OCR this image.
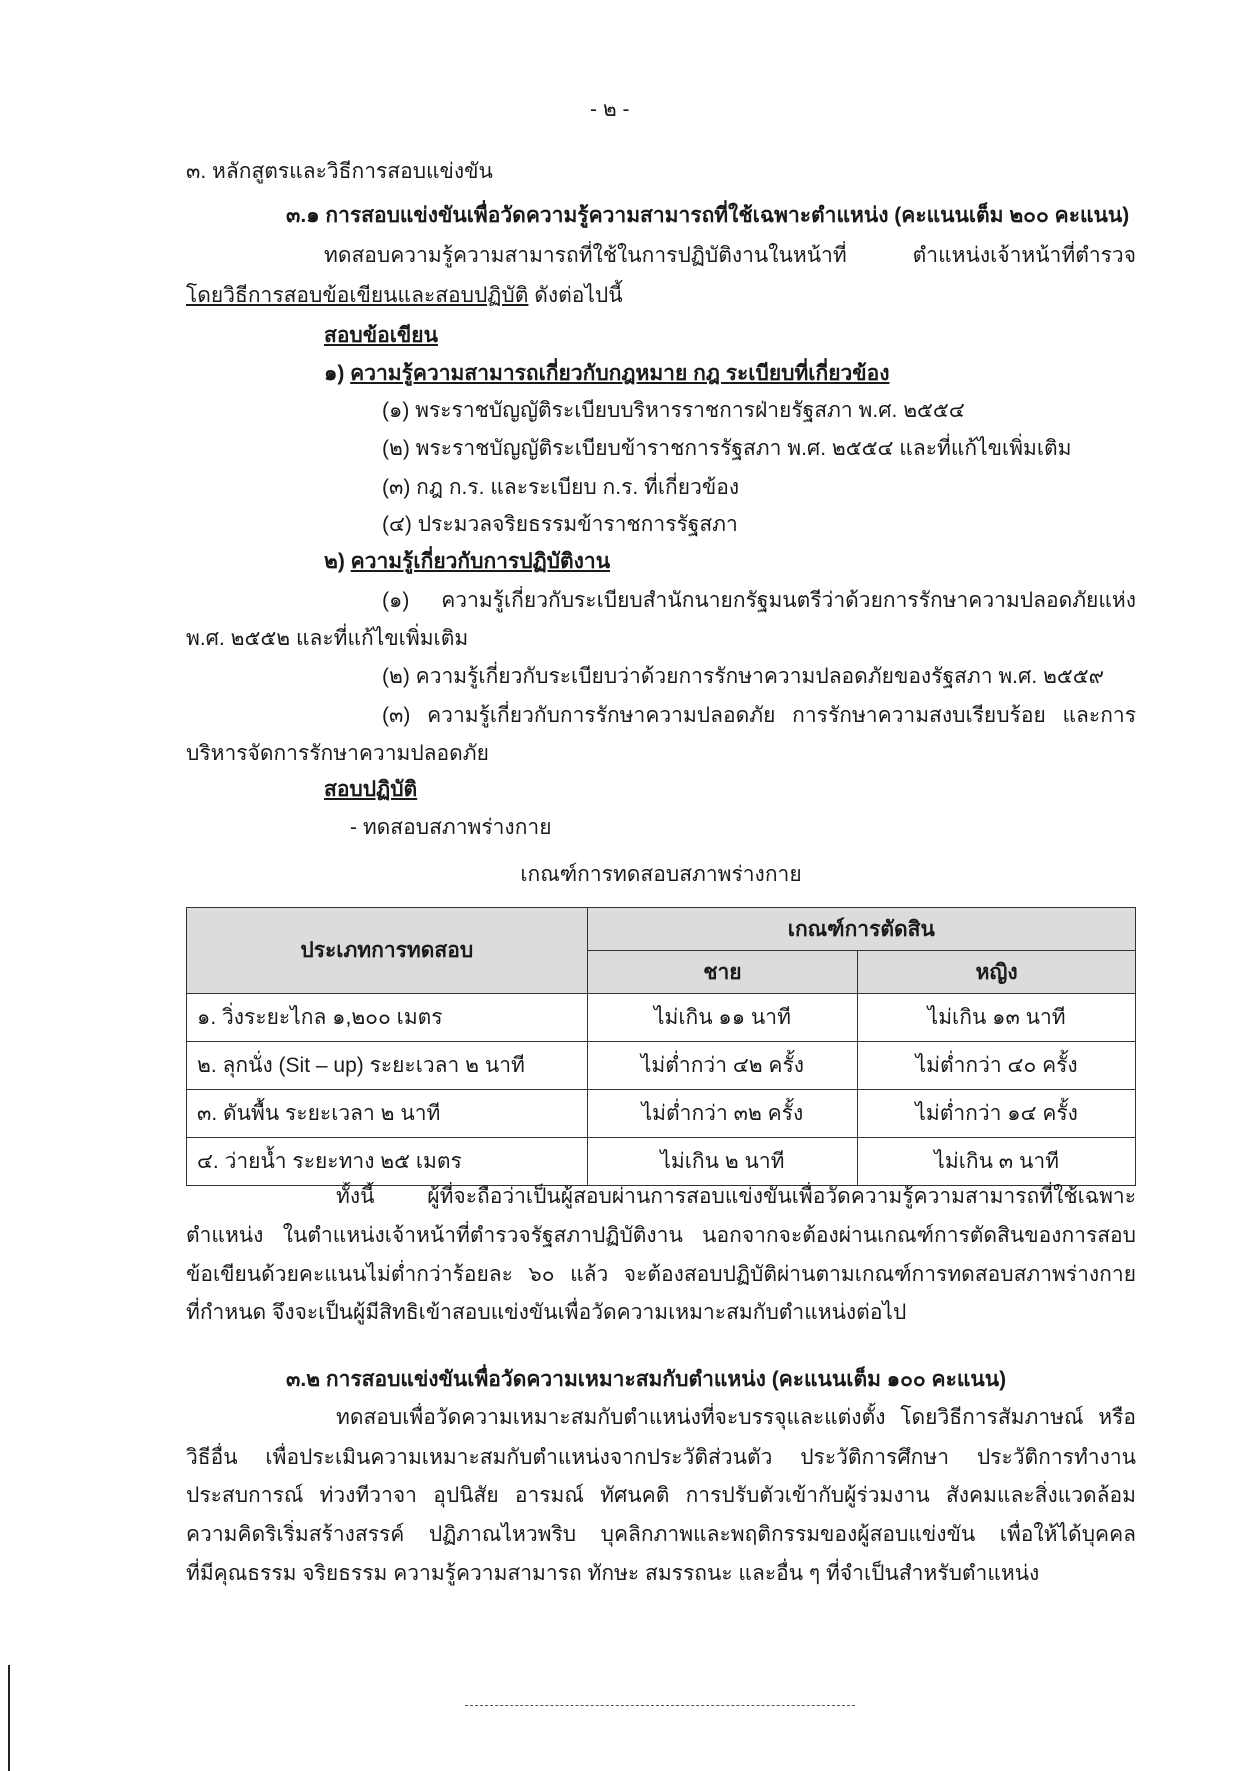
- ๒ -
๓. หลักสูตรและวิธีการสอบแข่งขัน
๓.๑ การสอบแข่งขันเพื่อวัดความรู้ความสามารถที่ใช้เฉพาะตำแหน่ง (คะแนนเต็ม ๒๐๐ คะแนน)
ทดสอบความรู้ความสามารถที่ใช้ในการปฏิบัติงานในหน้าที่ ตำแหน่งเจ้าหน้าที่ตำรวจ
โดยวิธีการสอบข้อเขียนและสอบปฏิบัติ ดังต่อไปนี้
สอบข้อเขียน
๑) ความรู้ความสามารถเกี่ยวกับกฎหมาย กฎ ระเบียบที่เกี่ยวข้อง
(๑) พระราชบัญญัติระเบียบบริหารราชการฝ่ายรัฐสภา พ.ศ. ๒๕๕๔
(๒) พระราชบัญญัติระเบียบข้าราชการรัฐสภา พ.ศ. ๒๕๕๔ และที่แก้ไขเพิ่มเติม
(๓) กฎ ก.ร. และระเบียบ ก.ร. ที่เกี่ยวข้อง
(๔) ประมวลจริยธรรมข้าราชการรัฐสภา
๒) ความรู้เกี่ยวกับการปฏิบัติงาน
(๑) ความรู้เกี่ยวกับระเบียบสำนักนายกรัฐมนตรีว่าด้วยการรักษาความปลอดภัยแห่ง
พ.ศ. ๒๕๕๒ และที่แก้ไขเพิ่มเติม
(๒) ความรู้เกี่ยวกับระเบียบว่าด้วยการรักษาความปลอดภัยของรัฐสภา พ.ศ. ๒๕๕๙
(๓) ความรู้เกี่ยวกับการรักษาความปลอดภัย การรักษาความสงบเรียบร้อย และการ
บริหารจัดการรักษาความปลอดภัย
สอบปฏิบัติ
- ทดสอบสภาพร่างกาย
เกณฑ์การทดสอบสภาพร่างกาย
ประเภทการทดสอบ	เกณฑ์การตัดสิน	
	ชาย	หญิง
๑. วิ่งระยะไกล ๑,๒๐๐ เมตร	ไม่เกิน ๑๑ นาที	ไม่เกิน ๑๓ นาที
๒. ลุกนั่ง (Sit – up) ระยะเวลา ๒ นาที	ไม่ต่ำกว่า ๔๒ ครั้ง	ไม่ต่ำกว่า ๔๐ ครั้ง
๓. ดันพื้น ระยะเวลา ๒ นาที	ไม่ต่ำกว่า ๓๒ ครั้ง	ไม่ต่ำกว่า ๑๔ ครั้ง
๔. ว่ายน้ำ ระยะทาง ๒๕ เมตร	ไม่เกิน ๒ นาที	ไม่เกิน ๓ นาที
ทั้งนี้ ผู้ที่จะถือว่าเป็นผู้สอบผ่านการสอบแข่งขันเพื่อวัดความรู้ความสามารถที่ใช้เฉพาะ
ตำแหน่ง ในตำแหน่งเจ้าหน้าที่ตำรวจรัฐสภาปฏิบัติงาน นอกจากจะต้องผ่านเกณฑ์การตัดสินของการสอบ
ข้อเขียนด้วยคะแนนไม่ต่ำกว่าร้อยละ ๖๐ แล้ว จะต้องสอบปฏิบัติผ่านตามเกณฑ์การทดสอบสภาพร่างกาย
ที่กำหนด จึงจะเป็นผู้มีสิทธิเข้าสอบแข่งขันเพื่อวัดความเหมาะสมกับตำแหน่งต่อไป
๓.๒ การสอบแข่งขันเพื่อวัดความเหมาะสมกับตำแหน่ง (คะแนนเต็ม ๑๐๐ คะแนน)
ทดสอบเพื่อวัดความเหมาะสมกับตำแหน่งที่จะบรรจุและแต่งตั้ง โดยวิธีการสัมภาษณ์ หรือ
วิธีอื่น เพื่อประเมินความเหมาะสมกับตำแหน่งจากประวัติส่วนตัว ประวัติการศึกษา ประวัติการทำงาน
ประสบการณ์ ท่วงทีวาจา อุปนิสัย อารมณ์ ทัศนคติ การปรับตัวเข้ากับผู้ร่วมงาน สังคมและสิ่งแวดล้อม
ความคิดริเริ่มสร้างสรรค์ ปฏิภาณไหวพริบ บุคลิกภาพและพฤติกรรมของผู้สอบแข่งขัน เพื่อให้ได้บุคคล
ที่มีคุณธรรม จริยธรรม ความรู้ความสามารถ ทักษะ สมรรถนะ และอื่น ๆ ที่จำเป็นสำหรับตำแหน่ง
